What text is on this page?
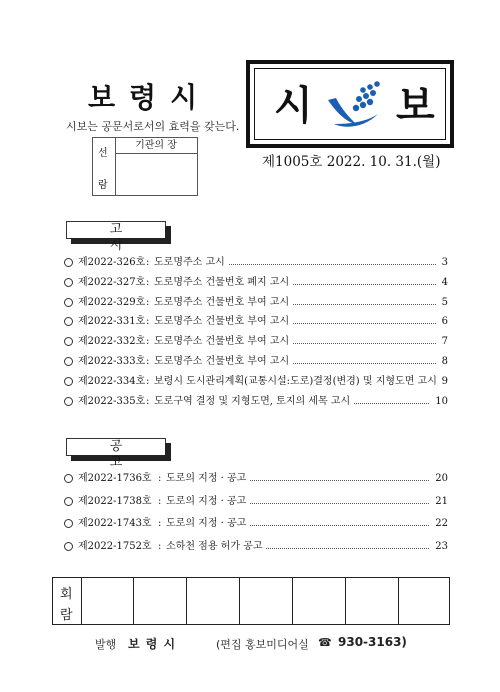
보령시
시보는 공문서로서의 효력을 갖는다.
선
람
기관의 장
시 보
제1005호 2022. 10. 31.(월)
고 시
제2022-326호 도로명주소 고시	3
:
제2022-327호 도로명주소 건물번호 폐지 고시	4
:
제2022-329호 도로명주소 건물번호 부여 고시	5
:
제2022-331호 도로명주소 건물번호 부여 고시	6
:
제2022-332호 도로명주소 건물번호 부여 고시	7
:
제2022-333호 도로명주소 건물번호 부여 고시	8
:
제2022-334호 보령시 도시관리계획(교통시설:도로)결정(변경) 및 지형도면 고시 9
:
제2022-335호 도로구역 결정 및 지형도면, 토지의 세목 고시	10
:
공 고
제2022-1736호 도로의 지정 · 공고	20
:
제2022-1738호 도로의 지정 · 공고	21
:
제2022-1743호 도로의 지정 · 공고	22
:
제2022-1752호 소하천 점용 허가 공고	23
:
회
람
발행 보 령 시	(편집 홍보미디어실 ☎ 930-3163)
